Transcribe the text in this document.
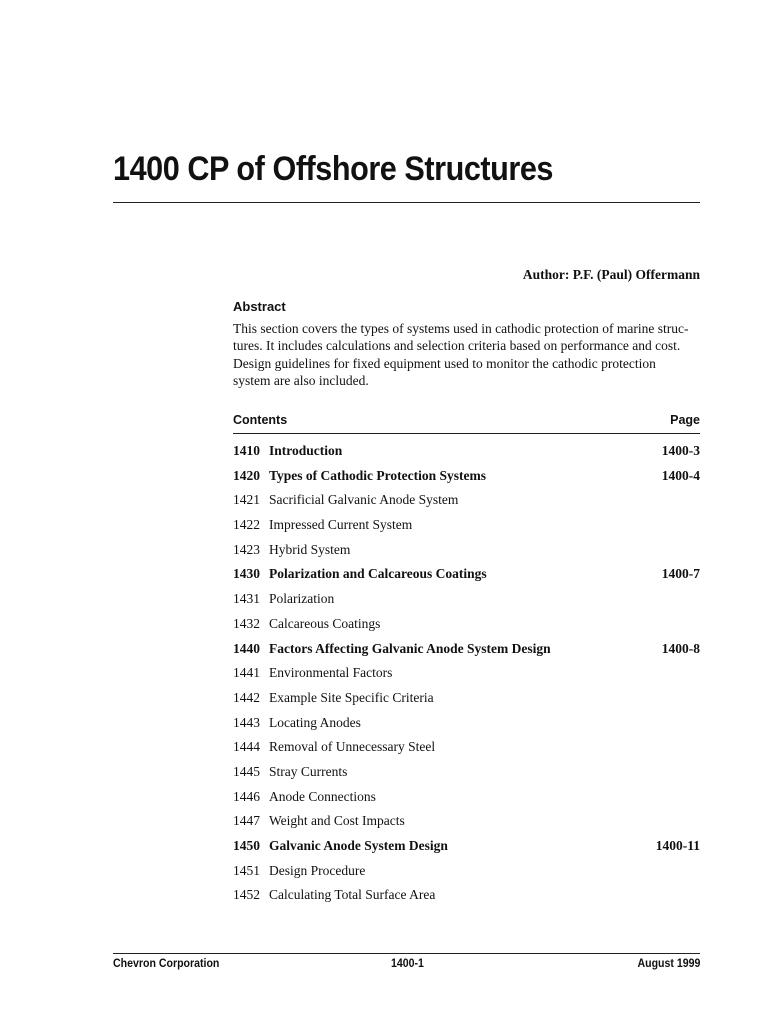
1400 CP of Offshore Structures
Author: P.F. (Paul) Offermann
Abstract
This section covers the types of systems used in cathodic protection of marine struc-
tures. It includes calculations and selection criteria based on performance and cost.
Design guidelines for fixed equipment used to monitor the cathodic protection
system are also included.
Contents	Page
1410 Introduction	1400-3
1420 Types of Cathodic Protection Systems	1400-4
1421 Sacrificial Galvanic Anode System
1422 Impressed Current System
1423 Hybrid System
1430 Polarization and Calcareous Coatings	1400-7
1431 Polarization
1432 Calcareous Coatings
1440 Factors Affecting Galvanic Anode System Design	1400-8
1441 Environmental Factors
1442 Example Site Specific Criteria
1443 Locating Anodes
1444 Removal of Unnecessary Steel
1445 Stray Currents
1446 Anode Connections
1447 Weight and Cost Impacts
1450 Galvanic Anode System Design	1400-11
1451 Design Procedure
1452 Calculating Total Surface Area
Chevron Corporation	1400-1	August 1999
